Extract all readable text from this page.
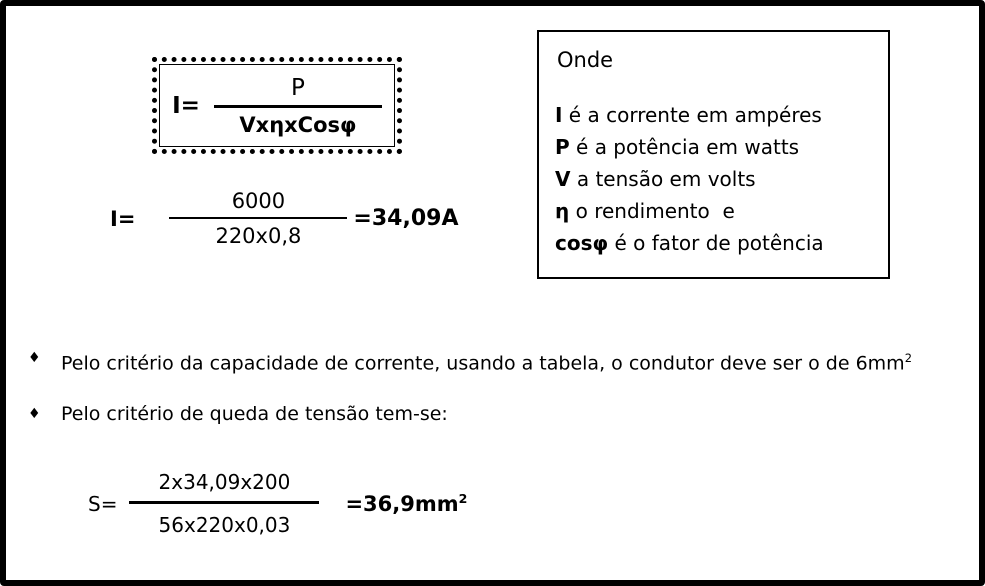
$I= \frac{P}{\text{VxηxCosφ}}$
Onde
I é a corrente em ampéres
P é a potência em watts
V a tensão em volts
η o rendimento  e
cosφ é o fator de potência
$I= \frac{6000}{220x0,8} =34,09A$
♦	Pelo critério da capacidade de corrente, usando a tabela, o condutor deve ser o de $6mm^2$
♦	Pelo critério de queda de tensão tem-se:
$S= \frac{2x34,09x200}{56x220x0,03} =36,9mm^2$
